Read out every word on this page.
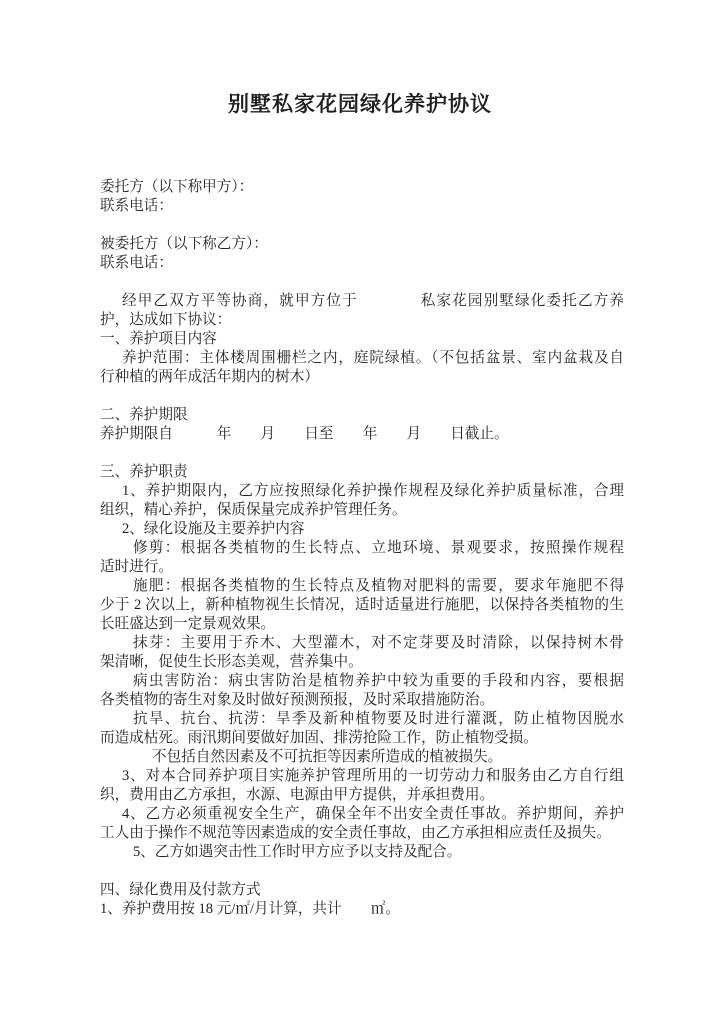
别墅私家花园绿化养护协议
委托方（以下称甲方）：
联系电话：
被委托方（以下称乙方）：
联系电话：
经甲乙双方平等协商，就甲方位于　　　　私家花园别墅绿化委托乙方养
护，达成如下协议：
一、养护项目内容
养护范围：主体楼周围栅栏之内，庭院绿植。（不包括盆景、室内盆栽及自
行种植的两年成活年期内的树木）
二、养护期限
养护期限自　　　年　　月　　日至　　年　　月　　日截止。
三、养护职责
1、养护期限内，乙方应按照绿化养护操作规程及绿化养护质量标准，合理
组织，精心养护，保质保量完成养护管理任务。
2、绿化设施及主要养护内容
修剪：根据各类植物的生长特点、立地环境、景观要求，按照操作规程
适时进行。
施肥：根据各类植物的生长特点及植物对肥料的需要，要求年施肥不得
少于 2 次以上，新种植物视生长情况，适时适量进行施肥，以保持各类植物的生
长旺盛达到一定景观效果。
抹芽：主要用于乔木、大型灌木，对不定芽要及时清除，以保持树木骨
架清晰，促使生长形态美观，营养集中。
病虫害防治：病虫害防治是植物养护中较为重要的手段和内容，要根据
各类植物的寄生对象及时做好预测预报，及时采取措施防治。
抗旱、抗台、抗涝：旱季及新种植物要及时进行灌溉，防止植物因脱水
而造成枯死。雨汛期间要做好加固、排涝抢险工作，防止植物受损。
不包括自然因素及不可抗拒等因素所造成的植被损失。
3、对本合同养护项目实施养护管理所用的一切劳动力和服务由乙方自行组
织，费用由乙方承担，水源、电源由甲方提供，并承担费用。
4、乙方必须重视安全生产，确保全年不出安全责任事故。养护期间，养护
工人由于操作不规范等因素造成的安全责任事故，由乙方承担相应责任及损失。
5、乙方如遇突击性工作时甲方应予以支持及配合。
四、绿化费用及付款方式
1、养护费用按 18 元/㎡/月计算，共计　　㎡。
